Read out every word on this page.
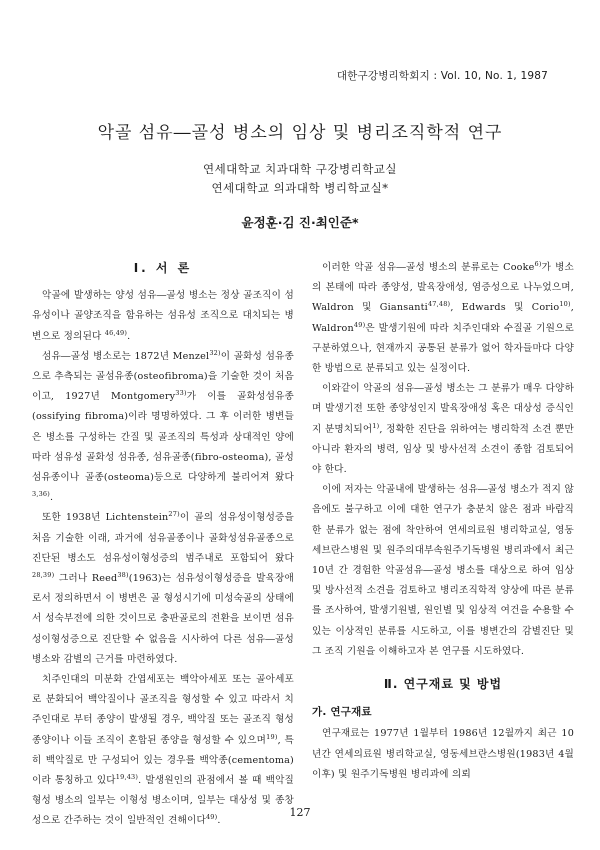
대한구강병리학회지 : Vol. 10, No. 1, 1987
악골 섬유―골성 병소의 임상 및 병리조직학적 연구
연세대학교 치과대학 구강병리학교실
연세대학교 의과대학 병리학교실*
윤정훈·김 진·최인준*
Ⅰ. 서 론

악골에 발생하는 양성 섬유―골성 병소는 정상 골조직이 섬유성이나 골양조직을 함유하는 섬유성 조직으로 대치되는 병변으로 정의된다 $^{46,49)}$.

섬유―골성 병소로는 1872년 Menzel$^{32)}$이 골화성 섬유종으로 추측되는 골섬유종(osteofibroma)을 기술한 것이 처음이고, 1927년 Montgomery$^{33)}$가 이를 골화성섬유종(ossifying fibroma)이라 명명하였다. 그 후 이러한 병변들은 병소를 구성하는 간질 및 골조직의 특성과 상대적인 양에 따라 섬유성 골화성 섬유종, 섬유골종(fibro-osteoma), 골성섬유종이나 골종(osteoma)등으로 다양하게 불리어져 왔다$^{3,36)}$.

또한 1938년 Lichtenstein$^{27)}$이 골의 섬유성이형성증을 처음 기술한 이래, 과거에 섬유골종이나 골화성섬유골종으로 진단된 병소도 섬유성이형성증의 범주내로 포함되어 왔다$^{28,39)}$ 그러나 Reed$^{38)}$(1963)는 섬유성이형성증을 발육장애로서 정의하면서 이 병변은 골 형성시기에 미성숙골의 상태에서 성숙부전에 의한 것이므로 충판골로의 전환을 보이면 섬유성이형성증으로 진단할 수 없음을 시사하여 다른 섬유―골성 병소와 감별의 근거를 마련하였다.

치주인대의 미분화 간엽세포는 백악아세포 또는 골아세포로 분화되어 백악질이나 골조직을 형성할 수 있고 따라서 치주인대로 부터 종양이 발생될 경우, 백악질 또는 골조직 형성 종양이나 이들 조직이 혼합된 종양을 형성할 수 있으며$^{19)}$, 특히 백악질로 만 구성되어 있는 경우를 백악종(cementoma)이라 통칭하고 있다$^{19,43)}$. 발생원인의 관점에서 볼 때 백악질 형성 병소의 일부는 이형성 병소이며, 일부는 대상성 및 종창성으로 간주하는 것이 일반적인 견해이다$^{49)}$.

이러한 악골 섬유―골성 병소의 분류로는 Cooke$^{6)}$가 병소의 본태에 따라 종양성, 발육장애성, 염증성으로 나누었으며, Waldron 및 Giansanti$^{47,48)}$, Edwards 및 Corio$^{10)}$, Waldron$^{49)}$은 발생기원에 따라 치주인대와 수질골 기원으로 구분하였으나, 현재까지 공통된 분류가 없어 학자들마다 다양한 방법으로 분류되고 있는 실정이다.

이와같이 악골의 섬유―골성 병소는 그 분류가 매우 다양하며 발생기전 또한 종양성인지 발육장애성 혹은 대상성 증식인지 분명치되어$^{1)}$, 정확한 진단을 위하여는 병리학적 소견 뿐만 아니라 환자의 병력, 임상 및 방사선적 소견이 종합 검토되어야 한다.

이에 저자는 악골내에 발생하는 섬유―골성 병소가 적지 않음에도 불구하고 이에 대한 연구가 충분치 않은 점과 바람직한 분류가 없는 점에 착안하여 연세의료원 병리학교실, 영동세브란스병원 및 원주의대부속원주기독병원 병리과에서 최근 10년 간 경험한 악골섬유―골성 병소를 대상으로 하여 임상 및 방사선적 소견을 검토하고 병리조직학적 양상에 따른 분류를 조사하여, 발생기원별, 원인별 및 임상적 여건을 수용할 수 있는 이상적인 분류를 시도하고, 이를 병변간의 감별진단 및 그 조직 기원을 이해하고자 본 연구를 시도하였다.

Ⅱ. 연구재료 및 방법
가. 연구재료

연구재료는 1977년 1월부터 1986년 12월까지 최근 10년간 연세의료원 병리학교실, 영동세브란스병원(1983년 4월 이후) 및 원주기독병원 병리과에 의뢰

127
